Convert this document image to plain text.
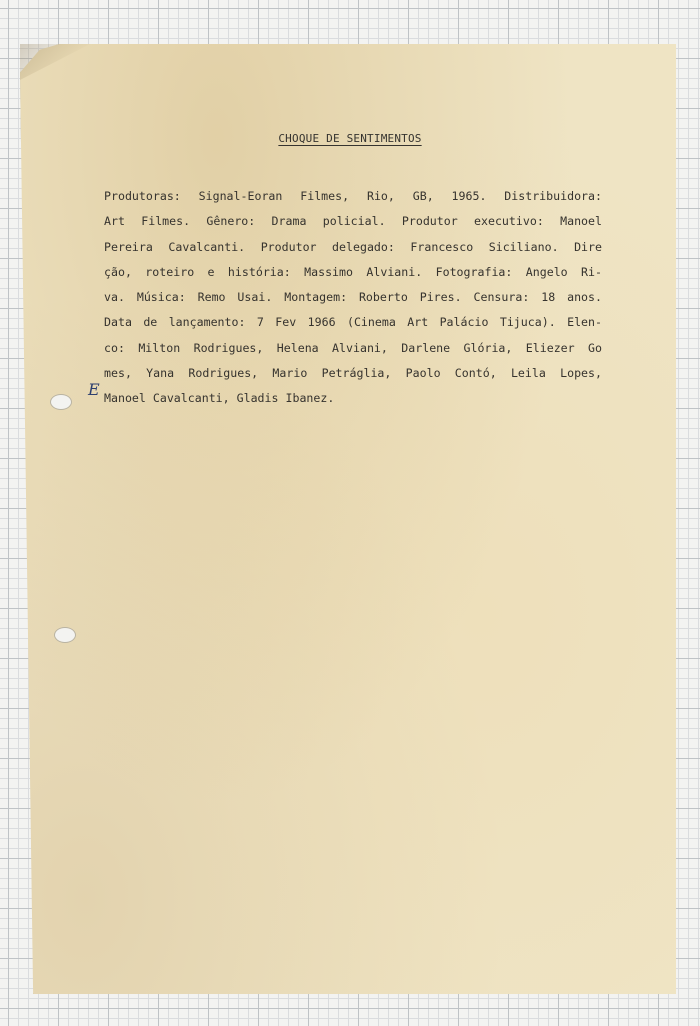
CHOQUE DE SENTIMENTOS
Produtoras: Signal-Eoran Filmes, Rio, GB, 1965. Distribuidora:
Art Filmes. Gênero: Drama policial. Produtor executivo: Manoel
Pereira Cavalcanti. Produtor delegado: Francesco Siciliano. Dire
ção, roteiro e história: Massimo Alviani. Fotografia: Angelo Ri-
va. Música: Remo Usai. Montagem: Roberto Pires. Censura: 18 anos.
Data de lançamento: 7 Fev 1966 (Cinema Art Palácio Tijuca). Elen-
co: Milton Rodrigues, Helena Alviani, Darlene Glória, Eliezer Go
mes, Yana Rodrigues, Mario Petráglia, Paolo Contó, Leila Lopes,
Manoel Cavalcanti, Gladis Ibanez.
E
